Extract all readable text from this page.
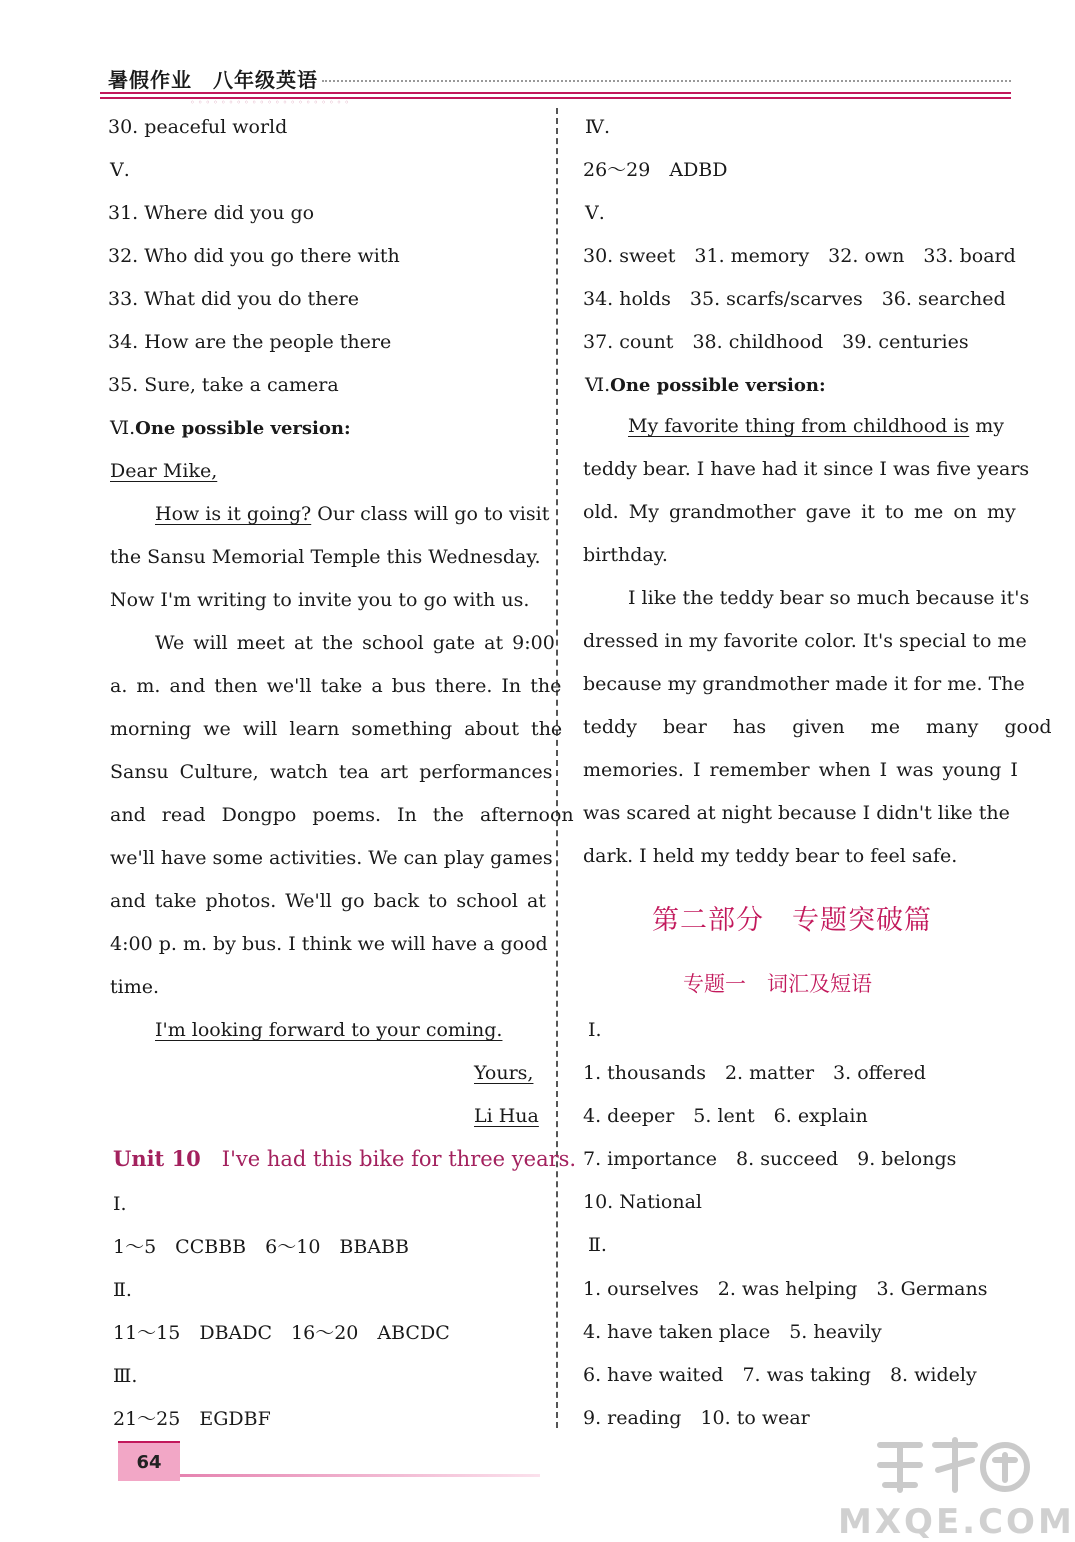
暑假作业　八年级英语
◦◦◦◦◦◦◦◦◦◦◦◦◦◦◦◦◦◦◦◦◦
30. peaceful world
Ⅴ.
31. Where did you go
32. Who did you go there with
33. What did you do there
34. How are the people there
35. Sure, take a camera
Ⅵ.One possible version:
Dear Mike,
How is it going? Our class will go to visit
the Sansu Memorial Temple this Wednesday.
Now I'm writing to invite you to go with us.
We will meet at the school gate at 9:00
a. m. and then we'll take a bus there. In the
morning we will learn something about the
Sansu Culture, watch tea art performances
and read Dongpo poems. In the afternoon
we'll have some activities. We can play games
and take photos. We'll go back to school at
4:00 p. m. by bus. I think we will have a good
time.
I'm looking forward to your coming.
Yours,
Li Hua
Unit 10　 I've had this bike for three years.
Ⅰ.
1～5　CCBBB　6～10　BBABB
Ⅱ.
11～15　DBADC　16～20　ABCDC
Ⅲ.
21～25　EGDBF
Ⅳ.
26～29　ADBD
Ⅴ.
30. sweet　31. memory　32. own　33. board
34. holds　35. scarfs/scarves　36. searched
37. count　38. childhood　39. centuries
Ⅵ.One possible version:
My favorite thing from childhood is my
teddy bear. I have had it since I was five years
old. My grandmother gave it to me on my
birthday.
I like the teddy bear so much because it's
dressed in my favorite color. It's special to me
because my grandmother made it for me. The
teddy bear has given me many good
memories. I remember when I was young I
was scared at night because I didn't like the
dark. I held my teddy bear to feel safe.
第二部分　专题突破篇
专题一　词汇及短语
Ⅰ.
1. thousands　2. matter　3. offered
4. deeper　5. lent　6. explain
7. importance　8. succeed　9. belongs
10. National
Ⅱ.
1. ourselves　2. was helping　3. Germans
4. have taken place　5. heavily
6. have waited　7. was taking　8. widely
9. reading　10. to wear
64
MXQE.COM
